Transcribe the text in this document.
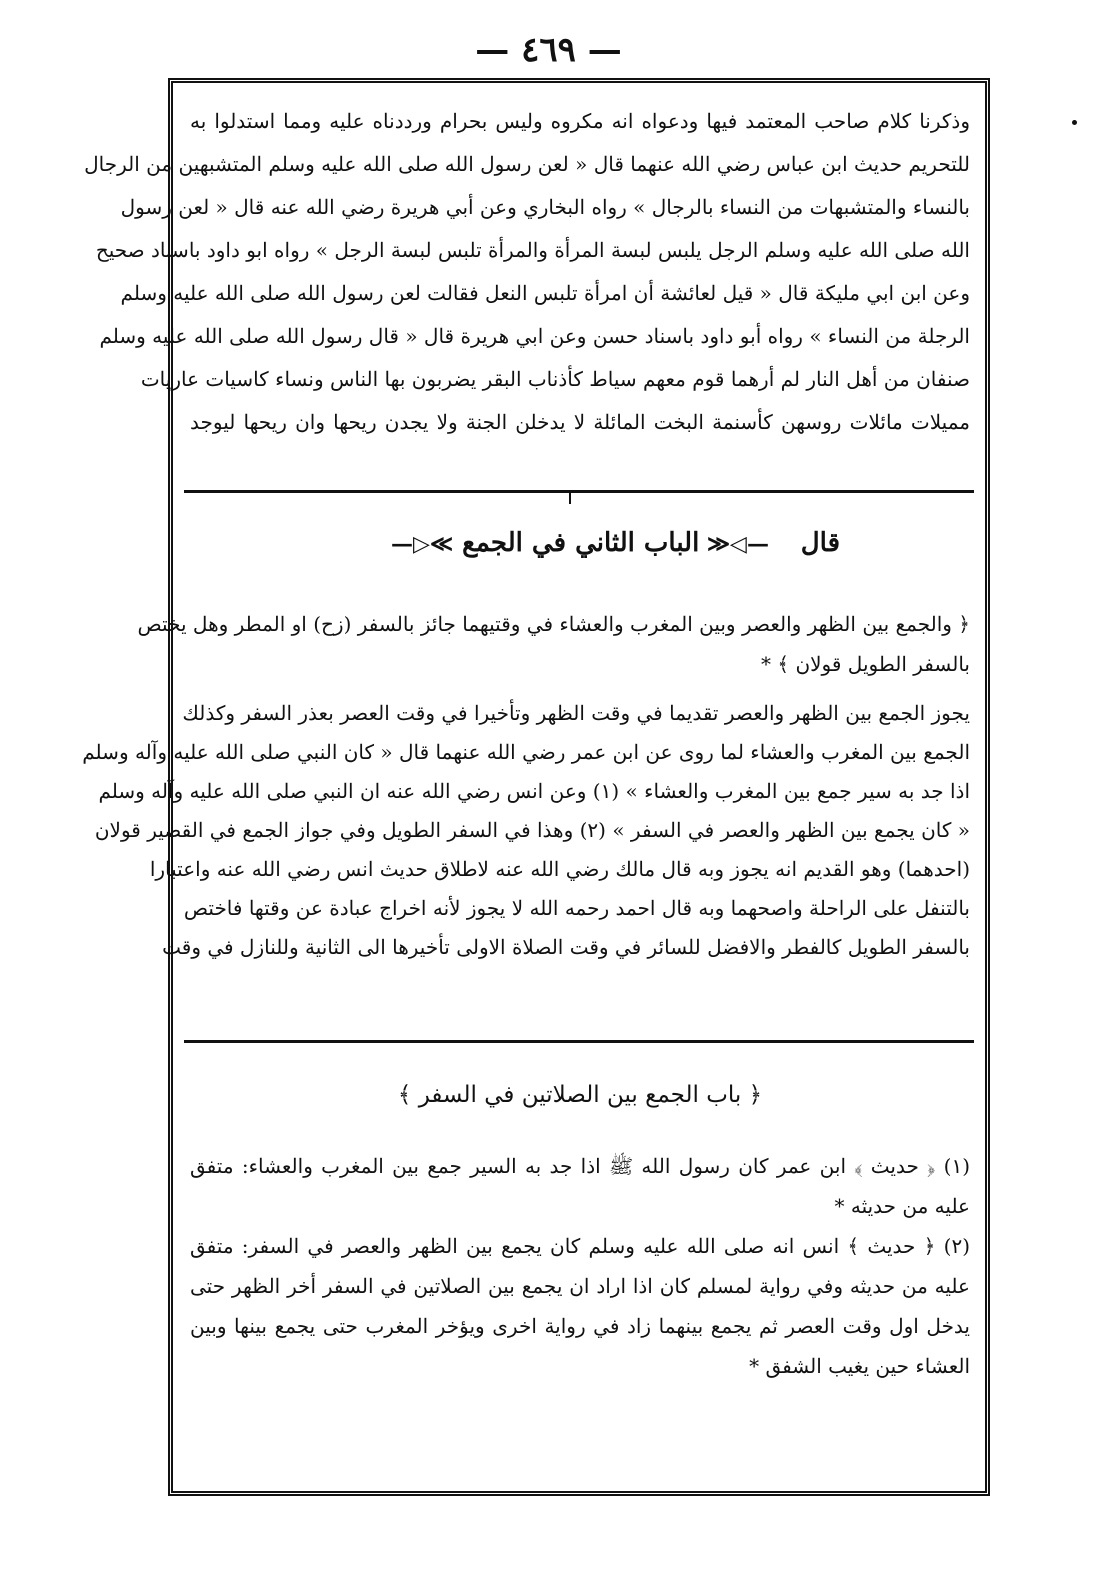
— ٤٦٩ —

وذكرنا كلام صاحب المعتمد فيها ودعواه انه مكروه وليس بحرام ورددناه عليه ومما استدلوا به

للتحريم حديث ابن عباس رضي الله عنهما قال « لعن رسول الله صلى الله عليه وسلم المتشبهين من الرجال

بالنساء والمتشبهات من النساء بالرجال » رواه البخاري وعن أبي هريرة رضي الله عنه قال « لعن رسول

الله صلى الله عليه وسلم الرجل يلبس لبسة المرأة والمرأة تلبس لبسة الرجل » رواه ابو داود باسناد صحيح

وعن ابن ابي مليكة قال « قيل لعائشة أن امرأة تلبس النعل فقالت لعن رسول الله صلى الله عليه وسلم

الرجلة من النساء » رواه أبو داود باسناد حسن وعن ابي هريرة قال « قال رسول الله صلى الله عليه وسلم

صنفان من أهل النار لم أرهما قوم معهم سياط كأذناب البقر يضربون بها الناس ونساء كاسيات عاريات

مميلات مائلات روسهن كأسنمة البخت المائلة لا يدخلن الجنة ولا يجدن ريحها وان ريحها ليوجد

قال
—◁≪ الباب الثاني في الجمع ≫▷—

﴿ والجمع بين الظهر والعصر وبين المغرب والعشاء في وقتيهما جائز بالسفر (زح) او المطر وهل يختص

بالسفر الطويل قولان ﴾ *

يجوز الجمع بين الظهر والعصر تقديما في وقت الظهر وتأخيرا في وقت العصر بعذر السفر وكذلك

الجمع بين المغرب والعشاء لما روى عن ابن عمر رضي الله عنهما قال « كان النبي صلى الله عليه وآله وسلم

اذا جد به سير جمع بين المغرب والعشاء » (١) وعن انس رضي الله عنه ان النبي صلى الله عليه وآله وسلم

« كان يجمع بين الظهر والعصر في السفر » (٢) وهذا في السفر الطويل وفي جواز الجمع في القصير قولان

(احدهما) وهو القديم انه يجوز وبه قال مالك رضي الله عنه لاطلاق حديث انس رضي الله عنه واعتبارا

بالتنفل على الراحلة واصحهما وبه قال احمد رحمه الله لا يجوز لأنه اخراج عبادة عن وقتها فاختص

بالسفر الطويل كالفطر والافضل للسائر في وقت الصلاة الاولى تأخيرها الى الثانية وللنازل في وقت

﴿ باب الجمع بين الصلاتين في السفر ﴾

(١) ﴿ حديث ﴾ ابن عمر كان رسول الله ﷺ اذا جد به السير جمع بين المغرب والعشاء: متفق

عليه من حديثه *

(٢) ﴿ حديث ﴾ انس انه صلى الله عليه وسلم كان يجمع بين الظهر والعصر في السفر: متفق

عليه من حديثه وفي رواية لمسلم كان اذا اراد ان يجمع بين الصلاتين في السفر أخر الظهر حتى

يدخل اول وقت العصر ثم يجمع بينهما زاد في رواية اخرى ويؤخر المغرب حتى يجمع بينها وبين

العشاء حين يغيب الشفق *
